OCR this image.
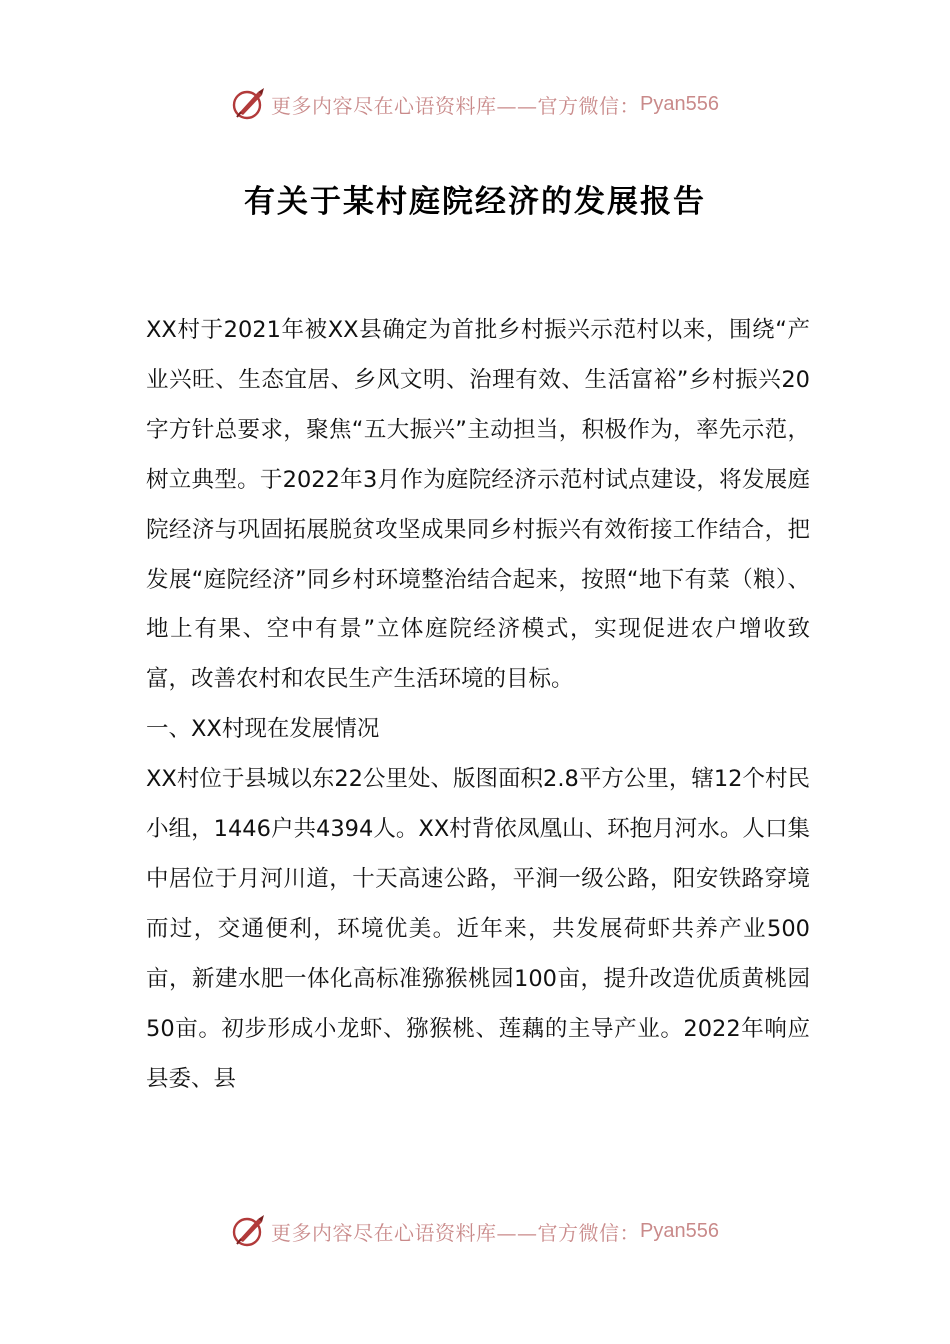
更多内容尽在心语资料库——官方微信： Pyan556
有关于某村庭院经济的发展报告

XX村于2021年被XX县确定为首批乡村振兴示范村以来，围绕“产业兴旺、生态宜居、乡风文明、治理有效、生活富裕”乡村振兴20字方针总要求，聚焦“五大振兴”主动担当，积极作为，率先示范，树立典型。于2022年3月作为庭院经济示范村试点建设，将发展庭院经济与巩固拓展脱贫攻坚成果同乡村振兴有效衔接工作结合，把发展“庭院经济”同乡村环境整治结合起来，按照“地下有菜（粮）、地上有果、空中有景”立体庭院经济模式，实现促进农户增收致富，改善农村和农民生产生活环境的目标。

一、XX村现在发展情况

XX村位于县城以东22公里处、版图面积2.8平方公里，辖12个村民小组，1446户共4394人。XX村背依凤凰山、环抱月河水。人口集中居位于月河川道，十天高速公路，平涧一级公路，阳安铁路穿境而过，交通便利，环境优美。近年来，共发展荷虾共养产业500亩，新建水肥一体化高标准猕猴桃园100亩，提升改造优质黄桃园50亩。初步形成小龙虾、猕猴桃、莲藕的主导产业。2022年响应县委、县

更多内容尽在心语资料库——官方微信： Pyan556
